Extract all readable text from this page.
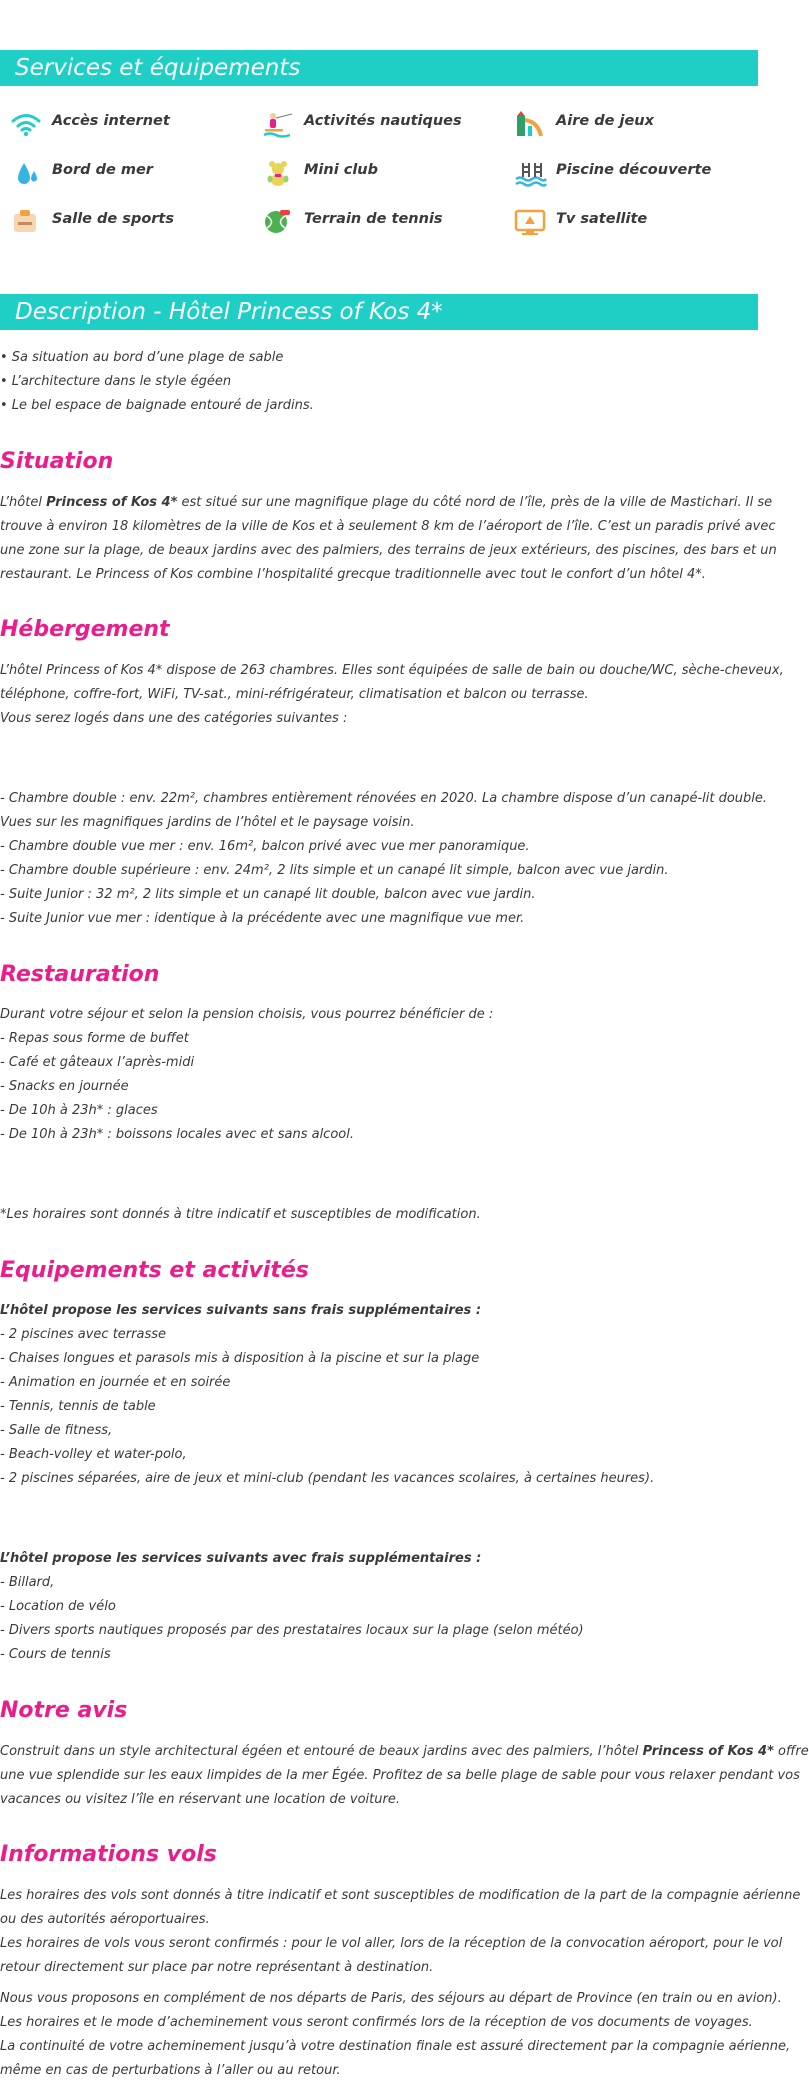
Services et équipements
Accès internet	Activités nautiques	Aire de jeux
Bord de mer	Mini club	Piscine découverte
Salle de sports	Terrain de tennis	Tv satellite
Description - Hôtel Princess of Kos 4*
• Sa situation au bord d’une plage de sable
• L’architecture dans le style égéen
• Le bel espace de baignade entouré de jardins.
Situation
L’hôtel Princess of Kos 4* est situé sur une magnifique plage du côté nord de l’île, près de la ville de Mastichari. Il se
trouve à environ 18 kilomètres de la ville de Kos et à seulement 8 km de l’aéroport de l’île. C’est un paradis privé avec
une zone sur la plage, de beaux jardins avec des palmiers, des terrains de jeux extérieurs, des piscines, des bars et un
restaurant. Le Princess of Kos combine l’hospitalité grecque traditionnelle avec tout le confort d’un hôtel 4*.
Hébergement
L’hôtel Princess of Kos 4* dispose de 263 chambres. Elles sont équipées de salle de bain ou douche/WC, sèche-cheveux,
téléphone, coffre-fort, WiFi, TV-sat., mini-réfrigérateur, climatisation et balcon ou terrasse.
Vous serez logés dans une des catégories suivantes :
- Chambre double : env. 22m², chambres entièrement rénovées en 2020. La chambre dispose d’un canapé-lit double.
Vues sur les magnifiques jardins de l’hôtel et le paysage voisin.
- Chambre double vue mer : env. 16m², balcon privé avec vue mer panoramique.
- Chambre double supérieure : env. 24m², 2 lits simple et un canapé lit simple, balcon avec vue jardin.
- Suite Junior : 32 m², 2 lits simple et un canapé lit double, balcon avec vue jardin.
- Suite Junior vue mer : identique à la précédente avec une magnifique vue mer.
Restauration
Durant votre séjour et selon la pension choisis, vous pourrez bénéficier de :
- Repas sous forme de buffet
- Café et gâteaux l’après-midi
- Snacks en journée
- De 10h à 23h* : glaces
- De 10h à 23h* : boissons locales avec et sans alcool.
*Les horaires sont donnés à titre indicatif et susceptibles de modification.
Equipements et activités
L’hôtel propose les services suivants sans frais supplémentaires :
- 2 piscines avec terrasse
- Chaises longues et parasols mis à disposition à la piscine et sur la plage
- Animation en journée et en soirée
- Tennis, tennis de table
- Salle de fitness,
- Beach-volley et water-polo,
- 2 piscines séparées, aire de jeux et mini-club (pendant les vacances scolaires, à certaines heures).
L’hôtel propose les services suivants avec frais supplémentaires :
- Billard,
- Location de vélo
- Divers sports nautiques proposés par des prestataires locaux sur la plage (selon météo)
- Cours de tennis
Notre avis
Construit dans un style architectural égéen et entouré de beaux jardins avec des palmiers, l’hôtel Princess of Kos 4* offre
une vue splendide sur les eaux limpides de la mer Égée. Profitez de sa belle plage de sable pour vous relaxer pendant vos
vacances ou visitez l’île en réservant une location de voiture.
Informations vols
Les horaires des vols sont donnés à titre indicatif et sont susceptibles de modification de la part de la compagnie aérienne
ou des autorités aéroportuaires.
Les horaires de vols vous seront confirmés : pour le vol aller, lors de la réception de la convocation aéroport, pour le vol
retour directement sur place par notre représentant à destination.
Nous vous proposons en complément de nos départs de Paris, des séjours au départ de Province (en train ou en avion).
Les horaires et le mode d’acheminement vous seront confirmés lors de la réception de vos documents de voyages.
La continuité de votre acheminement jusqu’à votre destination finale est assuré directement par la compagnie aérienne,
même en cas de perturbations à l’aller ou au retour.
